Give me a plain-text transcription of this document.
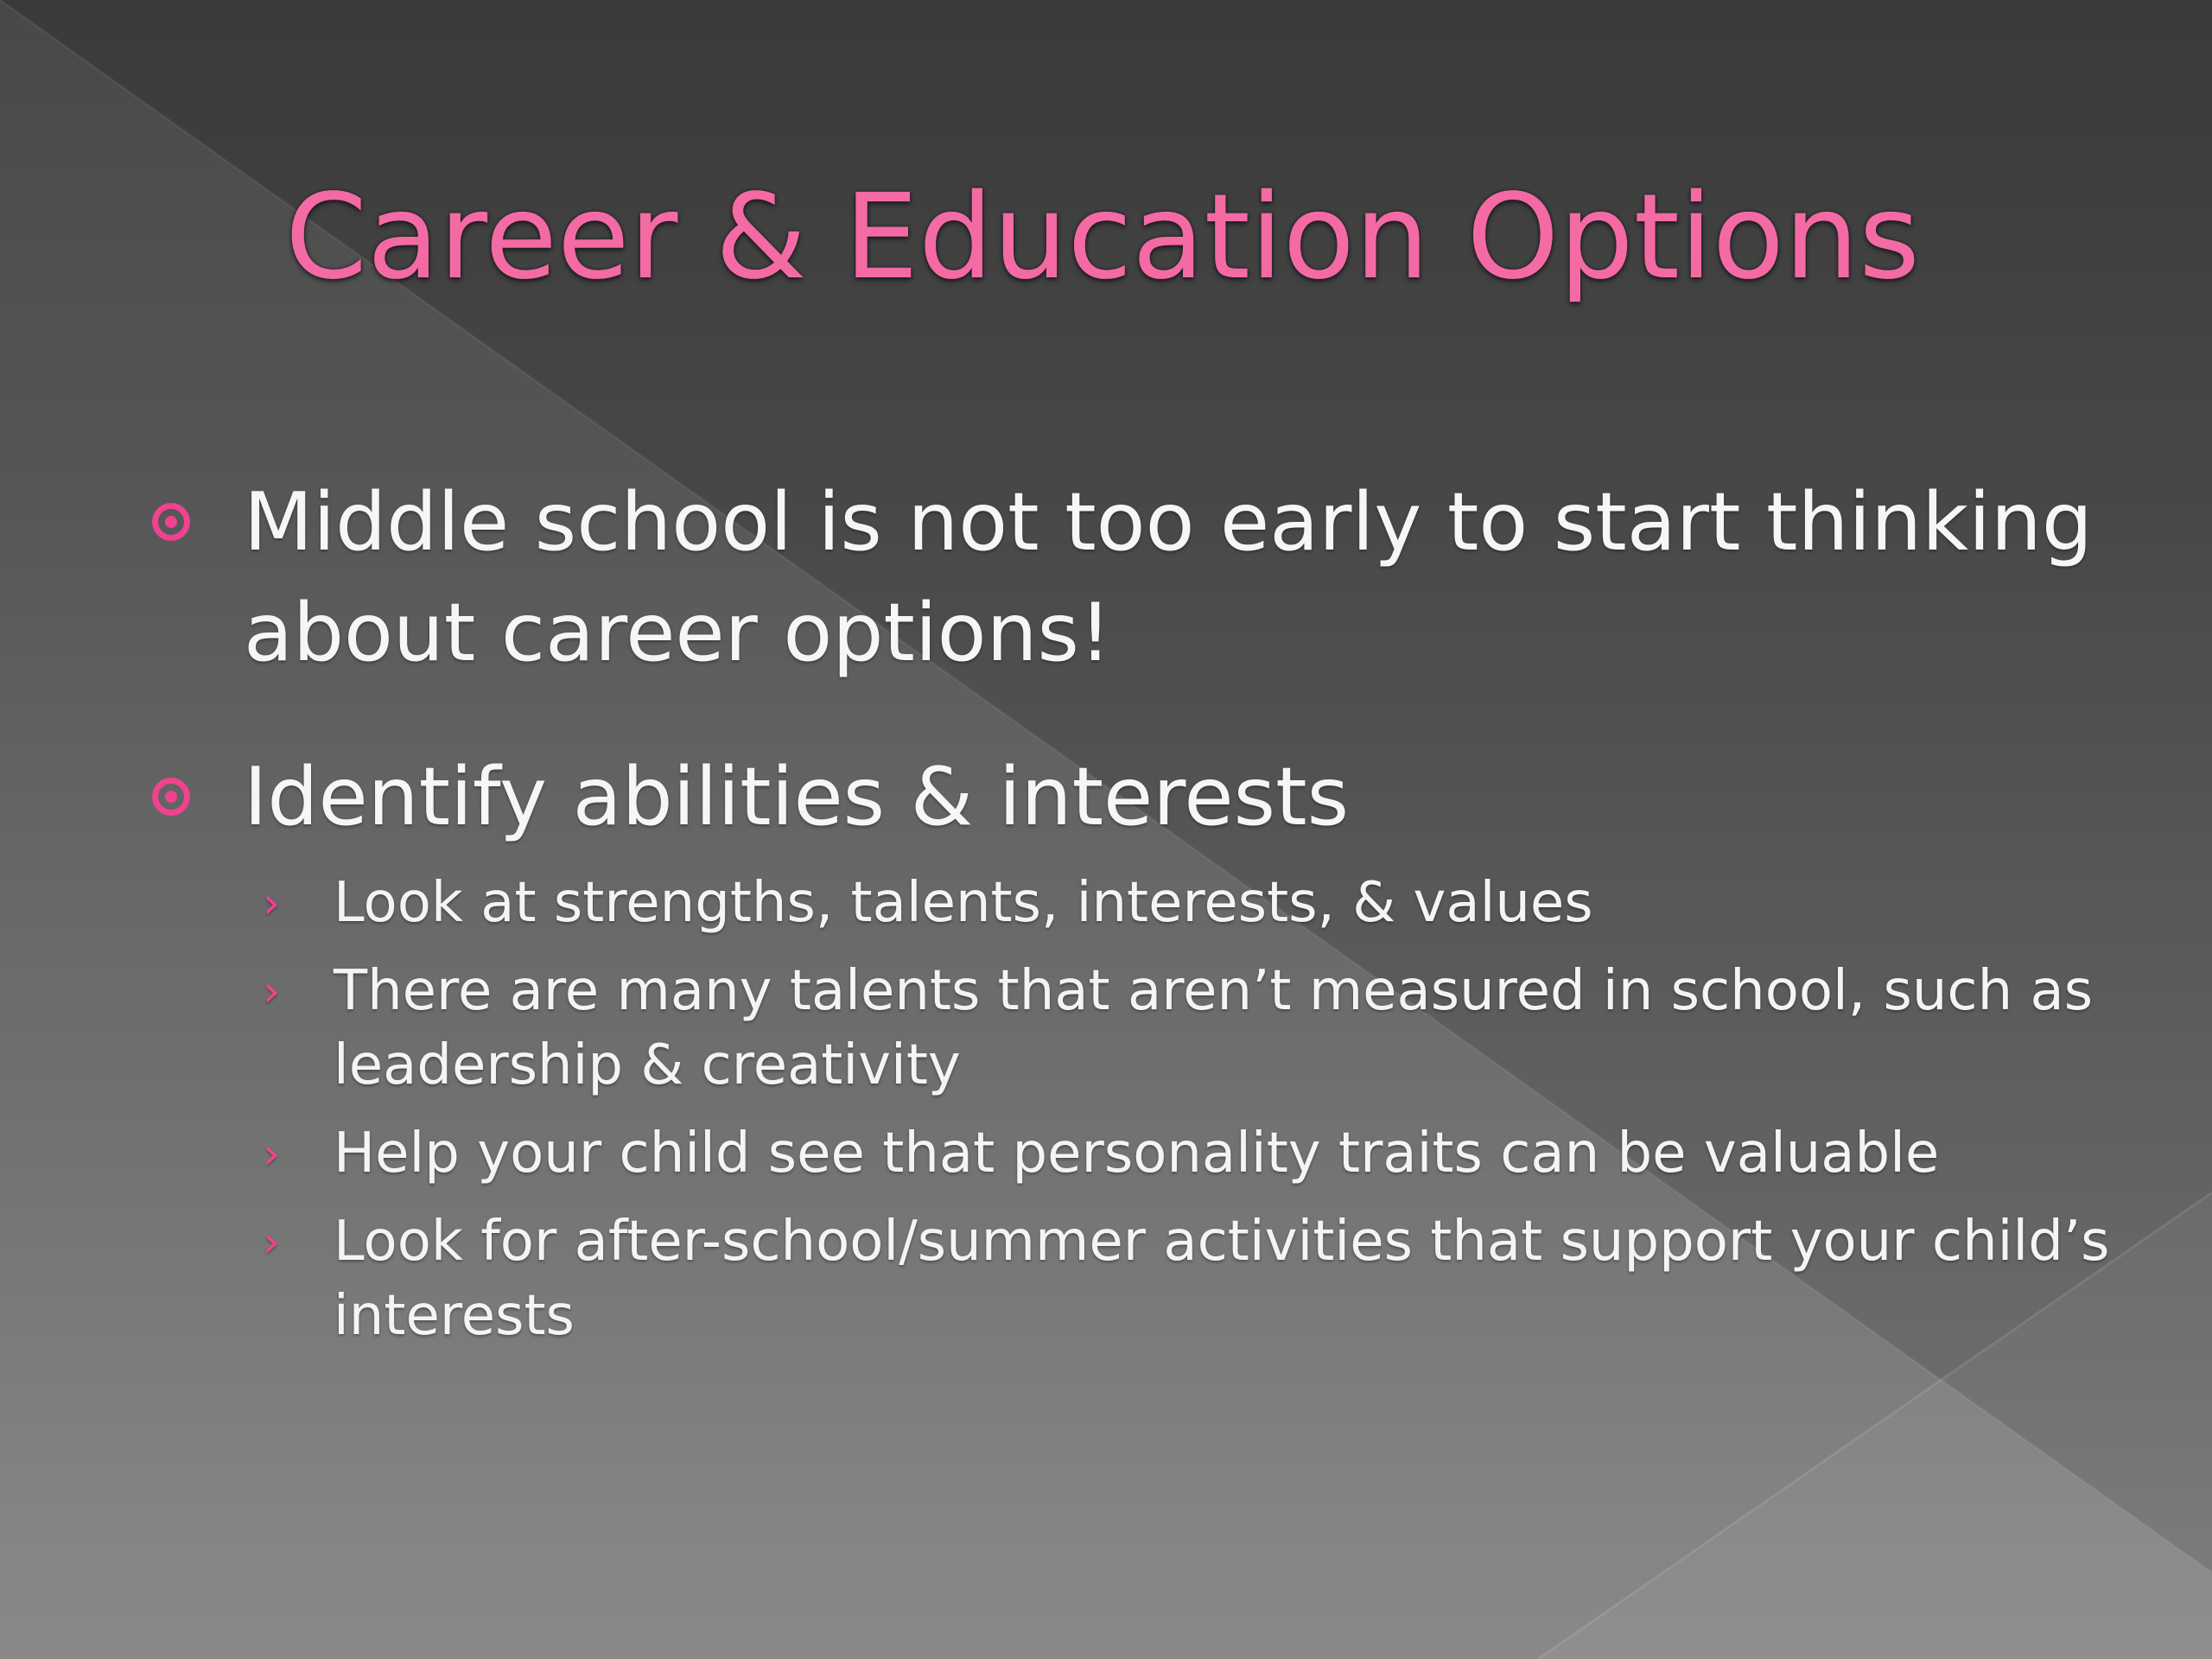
Career & Education Options
Middle school is not too early to start thinking about career options!
Identify abilities & interests
› Look at strengths, talents, interests, & values
› There are many talents that aren’t measured in school, such as leadership & creativity
› Help your child see that personality traits can be valuable
› Look for after-school/summer activities that support your child’s interests
